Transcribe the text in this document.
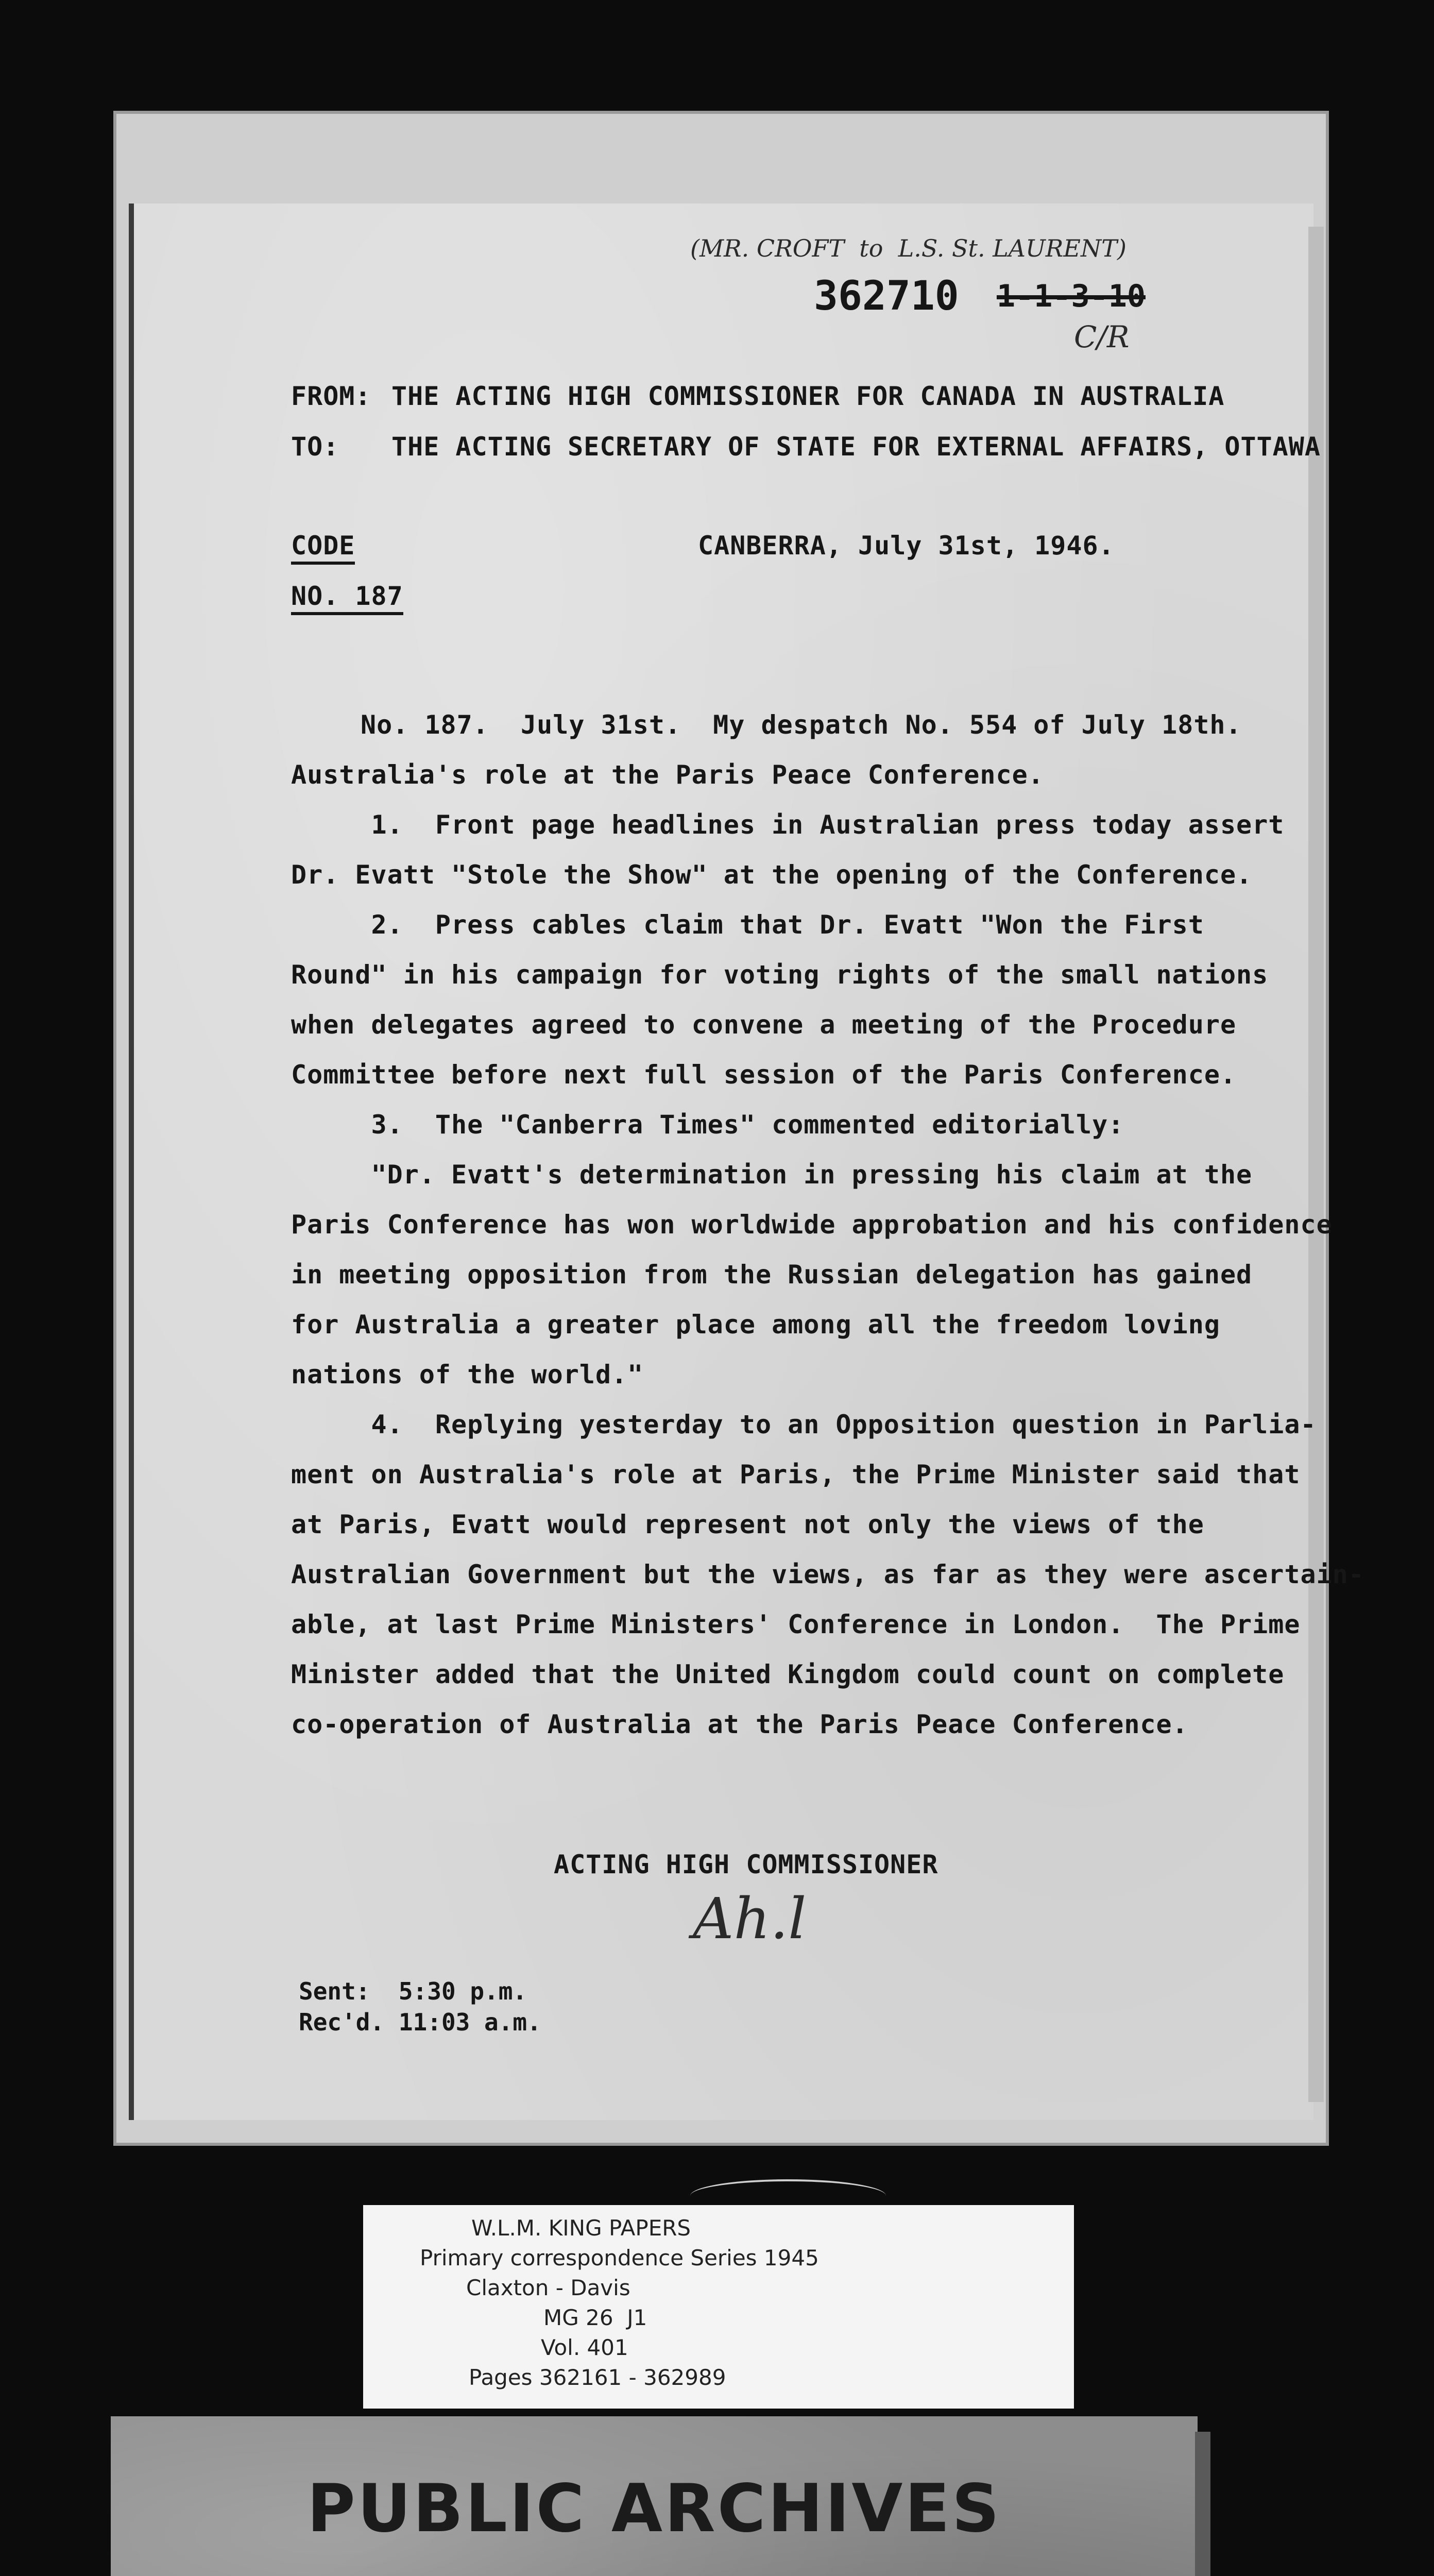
(MR. CROFT  to  L.S. St. LAURENT)
362710 1-1-3-10
C/R
FROM: THE ACTING HIGH COMMISSIONER FOR CANADA IN AUSTRALIA
TO: THE ACTING SECRETARY OF STATE FOR EXTERNAL AFFAIRS, OTTAWA
CODE
NO. 187
CANBERRA, July 31st, 1946.
No. 187.  July 31st.  My despatch No. 554 of July 18th.
Australia's role at the Paris Peace Conference.
1.  Front page headlines in Australian press today assert
Dr. Evatt "Stole the Show" at the opening of the Conference.
2.  Press cables claim that Dr. Evatt "Won the First
Round" in his campaign for voting rights of the small nations
when delegates agreed to convene a meeting of the Procedure
Committee before next full session of the Paris Conference.
3.  The "Canberra Times" commented editorially:
"Dr. Evatt's determination in pressing his claim at the
Paris Conference has won worldwide approbation and his confidence
in meeting opposition from the Russian delegation has gained
for Australia a greater place among all the freedom loving
nations of the world."
4.  Replying yesterday to an Opposition question in Parlia-
ment on Australia's role at Paris, the Prime Minister said that
at Paris, Evatt would represent not only the views of the
Australian Government but the views, as far as they were ascertain-
able, at last Prime Ministers' Conference in London.  The Prime
Minister added that the United Kingdom could count on complete
co-operation of Australia at the Paris Peace Conference.
ACTING HIGH COMMISSIONER
Ah.l
Sent:  5:30 p.m.
Rec'd. 11:03 a.m.
W.L.M. KING PAPERS
Primary correspondence Series 1945
Claxton - Davis
MG 26  J1
Vol. 401
Pages 362161 - 362989
PUBLIC ARCHIVES
